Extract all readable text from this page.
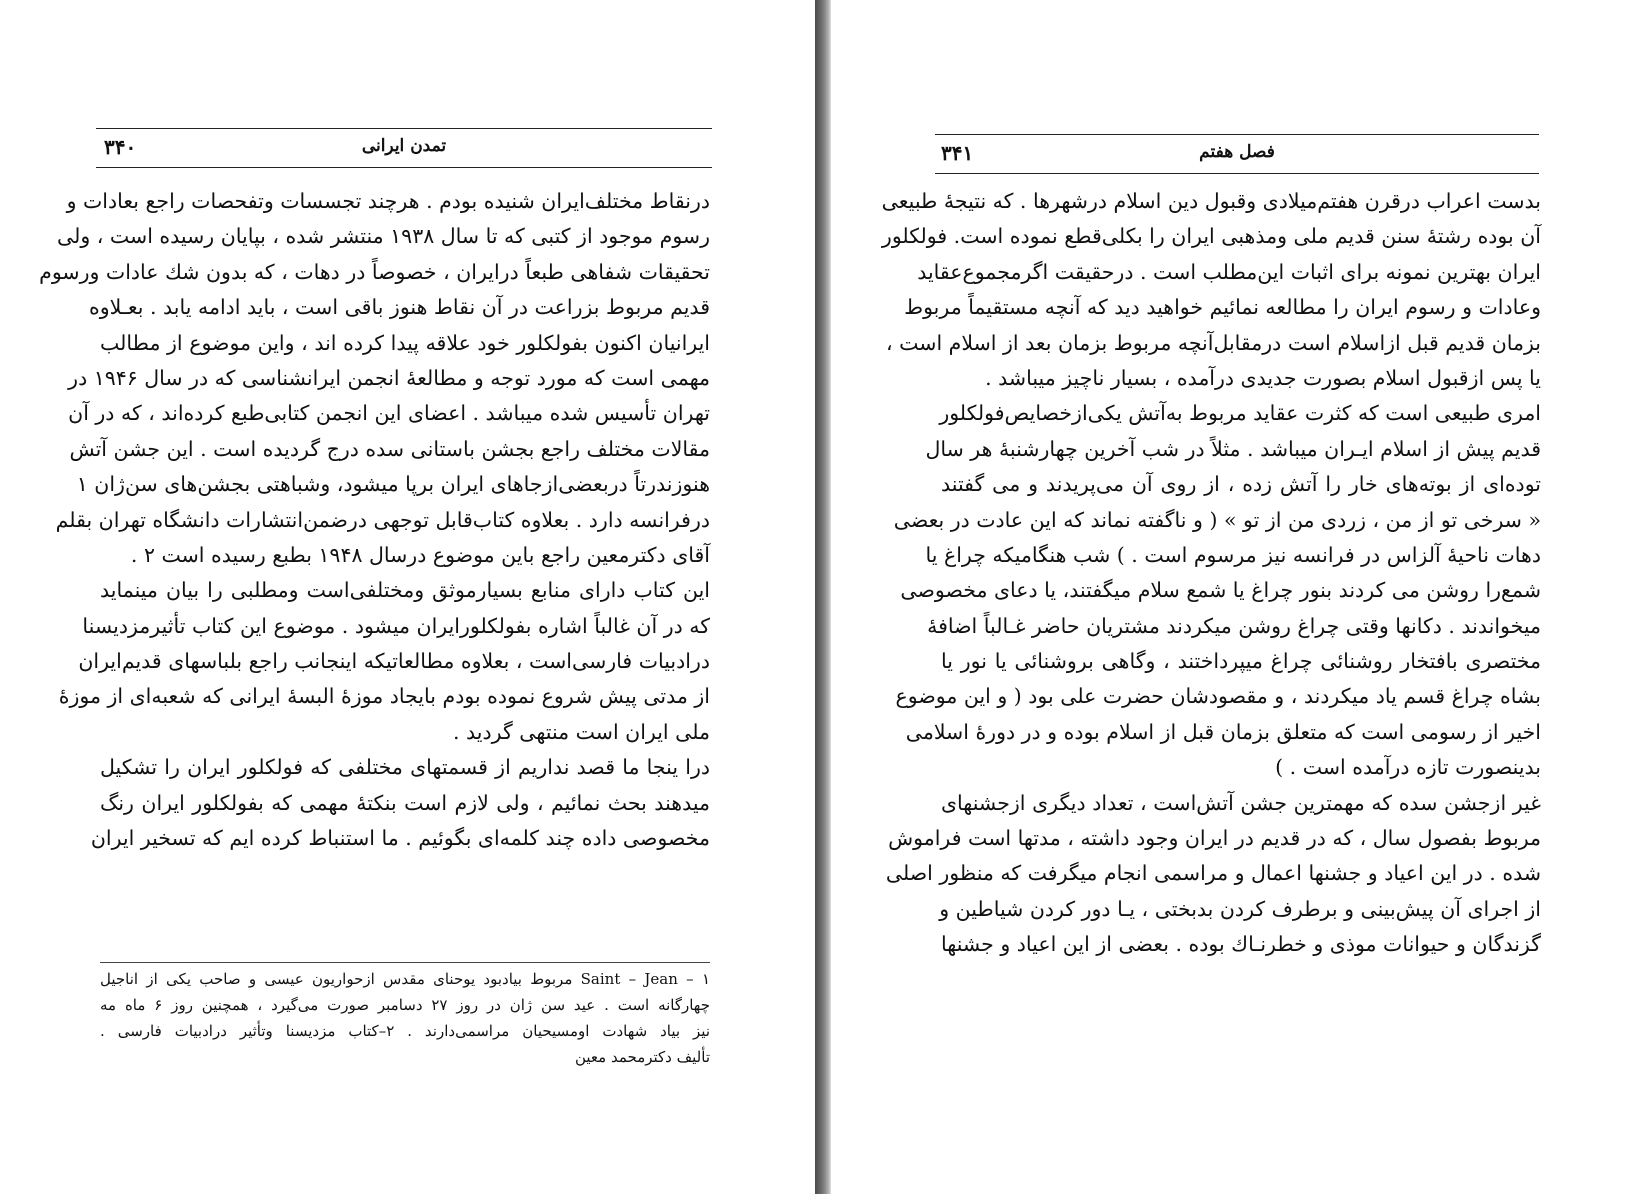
۳۴۰	تمدن ایرانی
درنقاط مختلف‌ایران شنیده بودم . هرچند تجسسات وتفحصات راجع بعادات و
رسوم موجود از کتبی که تا سال ۱۹۳۸ منتشر شده ، بپایان رسیده است ، ولی
تحقیقات شفاهی طبعاً درایران ، خصوصاً در دهات ، که بدون شك عادات ورسوم
قدیم مربوط بزراعت در آن نقاط هنوز باقی است ، باید ادامه یابد . بعـلاوه
ایرانیان اکنون بفولکلور خود علاقه پیدا کرده اند ، واین موضوع از مطالب
مهمی است که مورد توجه و مطالعهٔ انجمن ایرانشناسی که در سال ۱۹۴۶ در
تهران تأسیس شده میباشد . اعضای این انجمن کتابی‌طبع کرده‌اند ، که در آن
مقالات مختلف راجع بجشن باستانی سده درج گردیده است . این جشن آتش
هنوزندرتاً دربعضی‌ازجاهای ایران برپا میشود، وشباهتی بجشن‌های سن‌ژان ۱
درفرانسه دارد . بعلاوه کتاب‌قابل توجهی درضمن‌انتشارات دانشگاه تهران بقلم
آقای دکترمعین راجع باین موضوع درسال ۱۹۴۸ بطبع رسیده است ۲ .
این کتاب دارای منابع بسیارموثق ومختلفی‌است ومطلبی را بیان مینماید
که در آن غالباً اشاره بفولکلورایران میشود . موضوع این کتاب تأثیرمزدیسنا
درادبیات فارسی‌است ، بعلاوه مطالعاتیکه اینجانب راجع بلباسهای قدیم‌ایران
از مدتی پیش شروع نموده بودم بایجاد موزهٔ البسهٔ ایرانی که شعبه‌ای از موزهٔ
ملی ایران است منتهی گردید .
درا ینجا ما قصد نداریم از قسمتهای مختلفی که فولکلور ایران را تشکیل
میدهند بحث نمائیم ، ولی لازم است بنکتهٔ مهمی که بفولکلور ایران رنگ
مخصوصی داده چند کلمه‌ای بگوئیم . ما استنباط کرده ایم که تسخیر ایران
۱ – Saint – Jean مربوط بیادبود یوحنای مقدس ازحواریون عیسی و صاحب یکی از اناجیل
چهارگانه است . عید سن ژان در روز ۲۷ دسامبر صورت می‌گیرد ، همچنین روز ۶ ماه مه
نیز بیاد شهادت اومسیحیان مراسمی‌دارند . ۲–کتاب مزدیسنا وتأثیر درادبیات فارسی .
تألیف دکترمحمد معین
۳۴۱	فصل هفتم
بدست اعراب درقرن هفتم‌میلادی وقبول دین اسلام درشهرها . که نتیجهٔ طبیعی
آن بوده رشتهٔ سنن قدیم ملی ومذهبی ایران را بکلی‌قطع نموده است. فولکلور
ایران بهترین نمونه برای اثبات این‌مطلب است . درحقیقت اگرمجموع‌عقاید
وعادات و رسوم ایران را مطالعه نمائیم خواهید دید که آنچه مستقیماً مربوط
بزمان قدیم قبل ازاسلام است درمقابل‌آنچه مربوط بزمان بعد از اسلام است ،
یا پس ازقبول اسلام بصورت جدیدی درآمده ، بسیار ناچیز میباشد .
امری طبیعی است که کثرت عقاید مربوط به‌آتش یکی‌ازخصایص‌فولکلور
قدیم پیش از اسلام ایـران میباشد . مثلاً در شب آخرین چهارشنبهٔ هر سال
توده‌ای از بوته‌های خار را آتش زده ، از روی آن می‌پریدند و می گفتند
« سرخی تو از من ، زردی من از تو » ( و ناگفته نماند که این عادت در بعضی
دهات ناحیهٔ آلزاس در فرانسه نیز مرسوم است . ) شب هنگامیکه چراغ یا
شمع‌را روشن می کردند بنور چراغ یا شمع سلام میگفتند، یا دعای مخصوصی
میخواندند . دکانها وقتی چراغ روشن میکردند مشتریان حاضر غـالباً اضافهٔ
مختصری بافتخار روشنائی چراغ میپرداختند ، وگاهی بروشنائی یا نور یا
بشاه چراغ قسم یاد میکردند ، و مقصودشان حضرت علی بود ( و این موضوع
اخیر از رسومی است که متعلق بزمان قبل از اسلام بوده و در دورهٔ اسلامی
بدینصورت تازه درآمده است . )
غیر ازجشن سده که مهمترین جشن آتش‌است ، تعداد دیگری ازجشنهای
مربوط بفصول سال ، که در قدیم در ایران وجود داشته ، مدتها است فراموش
شده . در این اعیاد و جشنها اعمال و مراسمی انجام میگرفت که منظور اصلی
از اجرای آن پیش‌بینی و برطرف کردن بدبختی ، یـا دور کردن شیاطین و
گزندگان و حیوانات موذی و خطرنـاك بوده . بعضی از این اعیاد و جشنها
